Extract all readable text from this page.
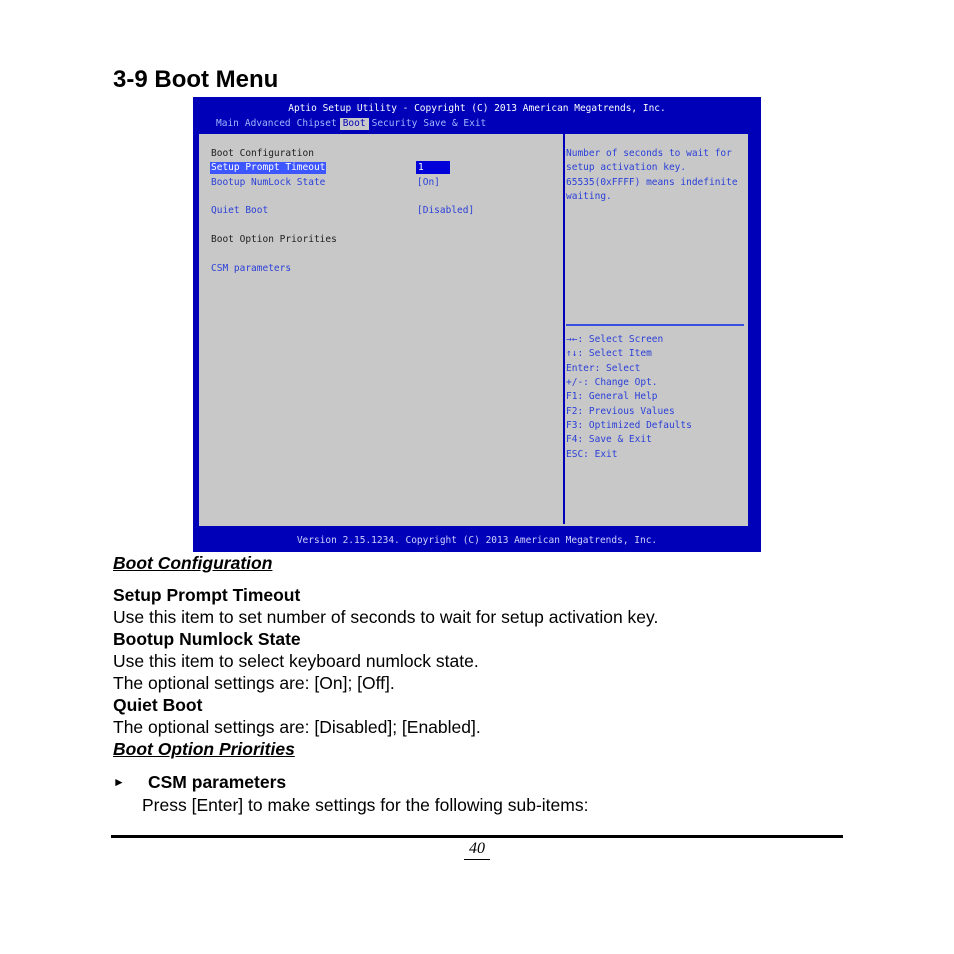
3-9 Boot Menu
Aptio Setup Utility - Copyright (C) 2013 American Megatrends, Inc.
Main Advanced Chipset Boot Security Save & Exit
Boot Configuration
Setup Prompt Timeout	1
Bootup NumLock State	[On]
Quiet Boot	[Disabled]
Boot Option Priorities
CSM parameters
Number of seconds to wait for
setup activation key.
65535(0xFFFF) means indefinite
waiting.
→←: Select Screen
↑↓: Select Item
Enter: Select
+/-: Change Opt.
F1: General Help
F2: Previous Values
F3: Optimized Defaults
F4: Save & Exit
ESC: Exit
Version 2.15.1234. Copyright (C) 2013 American Megatrends, Inc.
Boot Configuration
Setup Prompt Timeout
Use this item to set number of seconds to wait for setup activation key.
Bootup Numlock State
Use this item to select keyboard numlock state.
The optional settings are: [On]; [Off].
Quiet Boot
The optional settings are: [Disabled]; [Enabled].
Boot Option Priorities
► CSM parameters
Press [Enter] to make settings for the following sub-items:
40
